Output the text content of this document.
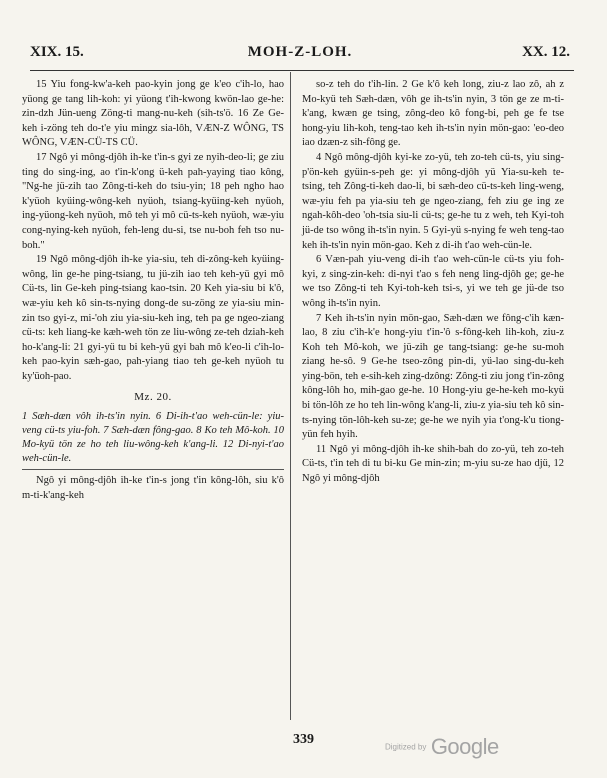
XIX. 15.	MOH-Z-LOH.	XX. 12.

15 Yiu fong-kw'a-keh pao-kyin jong ge k'eo c'ih-lo, hao yüong ge tang lih-koh: yi yüong t'ih-kwong kwön-lao ge-he: zin-dzh Jün-ueng Zöng-ti mang-nu-keh (sih-ts'ö. 16 Ze Ge-keh i-zöng teh do-t'e yiu mingz sia-lôh, VÆN-Z WÔNG, TS WÔNG, VÆN-CÜ-TS CÜ.

17 Ngô yi mông-djôh ih-ke t'in-s gyi ze nyih-deo-li; ge ziu ting do sing-ing, ao t'in-k'ong ü-keh pah-yaying tiao kông, "Ng-he jü-zih tao Zông-ti-keh do tsiu-yin; 18 peh ngho hao k'yüoh kyüing-wông-keh nyüoh, tsiang-kyüing-keh nyüoh, ing-yüong-keh nyüoh, mô teh yi mô cü-ts-keh nyüoh, wæ-yiu cong-nying-keh nyüoh, feh-leng du-si, tse nu-boh feh tso nu-boh."

19 Ngô mông-djôh ih-ke yia-siu, teh di-zông-keh kyüing-wông, lin ge-he ping-tsiang, tu jü-zih iao teh keh-yü gyi mô Cü-ts, lin Ge-keh ping-tsiang kao-tsin. 20 Keh yia-siu bi k'ô, wæ-yiu keh kô sin-ts-nying dong-de su-zöng ze yia-siu min-zin tso gyi-z, mi-'oh ziu yia-siu-keh ing, teh pa ge ngeo-ziang cü-ts: keh liang-ke kæh-weh tön ze liu-wông ze-teh dziah-keh ho-k'ang-li: 21 gyi-yü tu bi keh-yü gyi bah mô k'eo-li c'ih-lo-keh pao-kyin sæh-gao, pah-yiang tiao teh ge-keh nyüoh tu ky'üoh-pao.

Mz. 20.

1 Sæh-dæn vôh ih-ts'in nyin. 6 Di-ih-t'ao weh-cün-le: yiu-veng cü-ts yiu-foh. 7 Sæh-dæn fông-gao. 8 Ko teh Mô-koh. 10 Mo-kyü tön ze ho teh liu-wông-keh k'ang-li. 12 Di-nyi-t'ao weh-cün-le.

Ngô yi mông-djôh ih-ke t'in-s jong t'in kông-lôh, siu k'ô m-ti-k'ang-keh

so-z teh do t'ih-lin. 2 Ge k'ô keh long, ziu-z lao zô, ah z Mo-kyü teh Sæh-dæn, vôh ge ih-ts'in nyin, 3 tön ge ze m-ti-k'ang, kwæn ge tsing, zông-deo kô fong-bi, peh ge fe tse hong-yiu lih-koh, teng-tao keh ih-ts'in nyin mön-gao: 'eo-deo iao dzæn-z sih-fông ge.

4 Ngô mông-djôh kyi-ke zo-yü, teh zo-teh cü-ts, yiu sing-p'ön-keh gyüin-s-peh ge: yi mông-djôh yü Yia-su-keh te-tsing, teh Zông-ti-keh dao-li, bi sæh-deo cü-ts-keh ling-weng, wæ-yiu feh pa yia-siu teh ge ngeo-ziang, feh ziu ge ing ze ngah-kôh-deo 'oh-tsia siu-li cü-ts; ge-he tu z weh, teh Kyi-toh jü-de tso wông ih-ts'in nyin. 5 Gyi-yü s-nying fe weh teng-tao keh ih-ts'in nyin mön-gao. Keh z di-ih t'ao weh-cün-le.

6 Væn-pah yiu-veng di-ih t'ao weh-cün-le cü-ts yiu foh-kyi, z sing-zin-keh: di-nyi t'ao s feh neng ling-djôh ge; ge-he we tso Zông-ti teh Kyi-toh-keh tsi-s, yi we teh ge jü-de tso wông ih-ts'in nyin.

7 Keh ih-ts'in nyin mön-gao, Sæh-dæn we fông-c'ih kæn-lao, 8 ziu c'ih-k'e hong-yiu t'in-'ô s-fông-keh lih-koh, ziu-z Koh teh Mô-koh, we jü-zih ge tang-tsiang: ge-he su-moh ziang he-sô. 9 Ge-he tseo-zông pin-di, yü-lao sing-du-keh ying-bön, teh e-sih-keh zing-dzông: Zông-ti ziu jong t'in-zông kông-lôh ho, mih-gao ge-he. 10 Hong-yiu ge-he-keh mo-kyü bi tön-lôh ze ho teh lin-wông k'ang-li, ziu-z yia-siu teh kô sin-ts-nying tön-lôh-keh su-ze; ge-he we nyih yia t'ong-k'u tiong-yün feh hyih.

11 Ngô yi mông-djôh ih-ke shih-bah do zo-yü, teh zo-teh Cü-ts, t'in teh di tu bi-ku Ge min-zin; m-yiu su-ze hao djü, 12 Ngô yi mông-djôh

339	Digitized by Google
